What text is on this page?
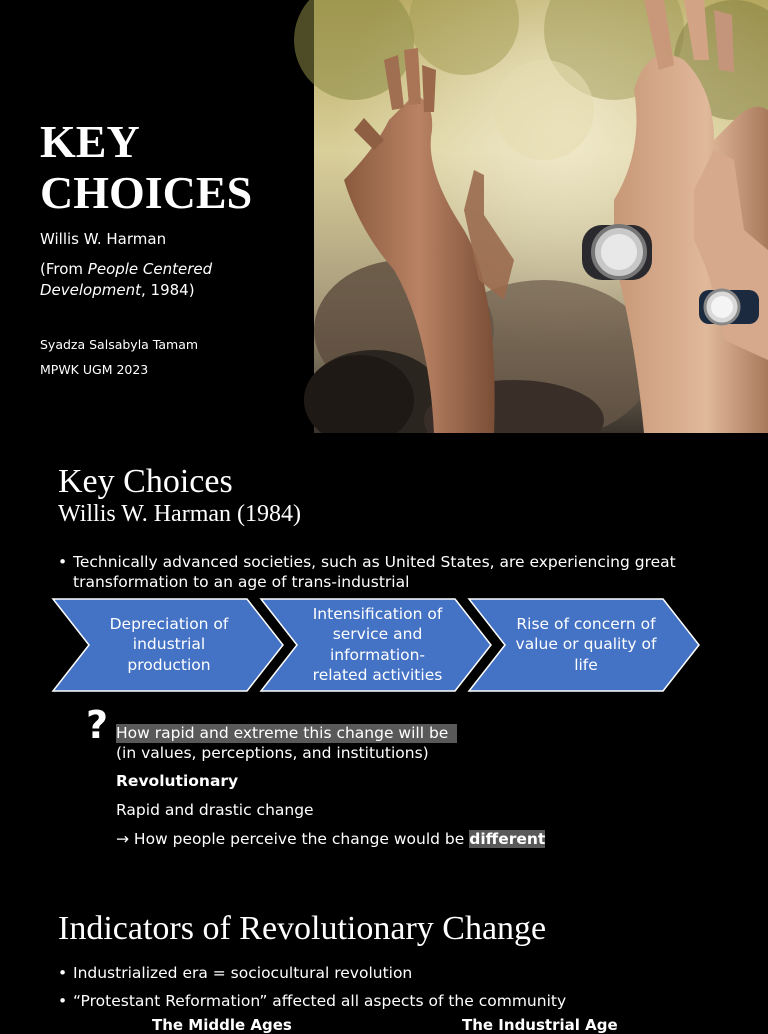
KEY
CHOICES
Willis W. Harman
(From People Centered Development, 1984)
Syadza Salsabyla Tamam
MPWK UGM 2023
Key Choices
Willis W. Harman (1984)
• Technically advanced societies, such as United States, are experiencing great transformation to an age of trans-industrial
Depreciation of industrial production
Intensification of service and information-related activities
Rise of concern of value or quality of life
? How rapid and extreme this change will be
(in values, perceptions, and institutions)
Revolutionary
Rapid and drastic change
→ How people perceive the change would be different
Indicators of Revolutionary Change
• Industrialized era = sociocultural revolution
• “Protestant Reformation” affected all aspects of the community
The Middle Ages	The Industrial Age
